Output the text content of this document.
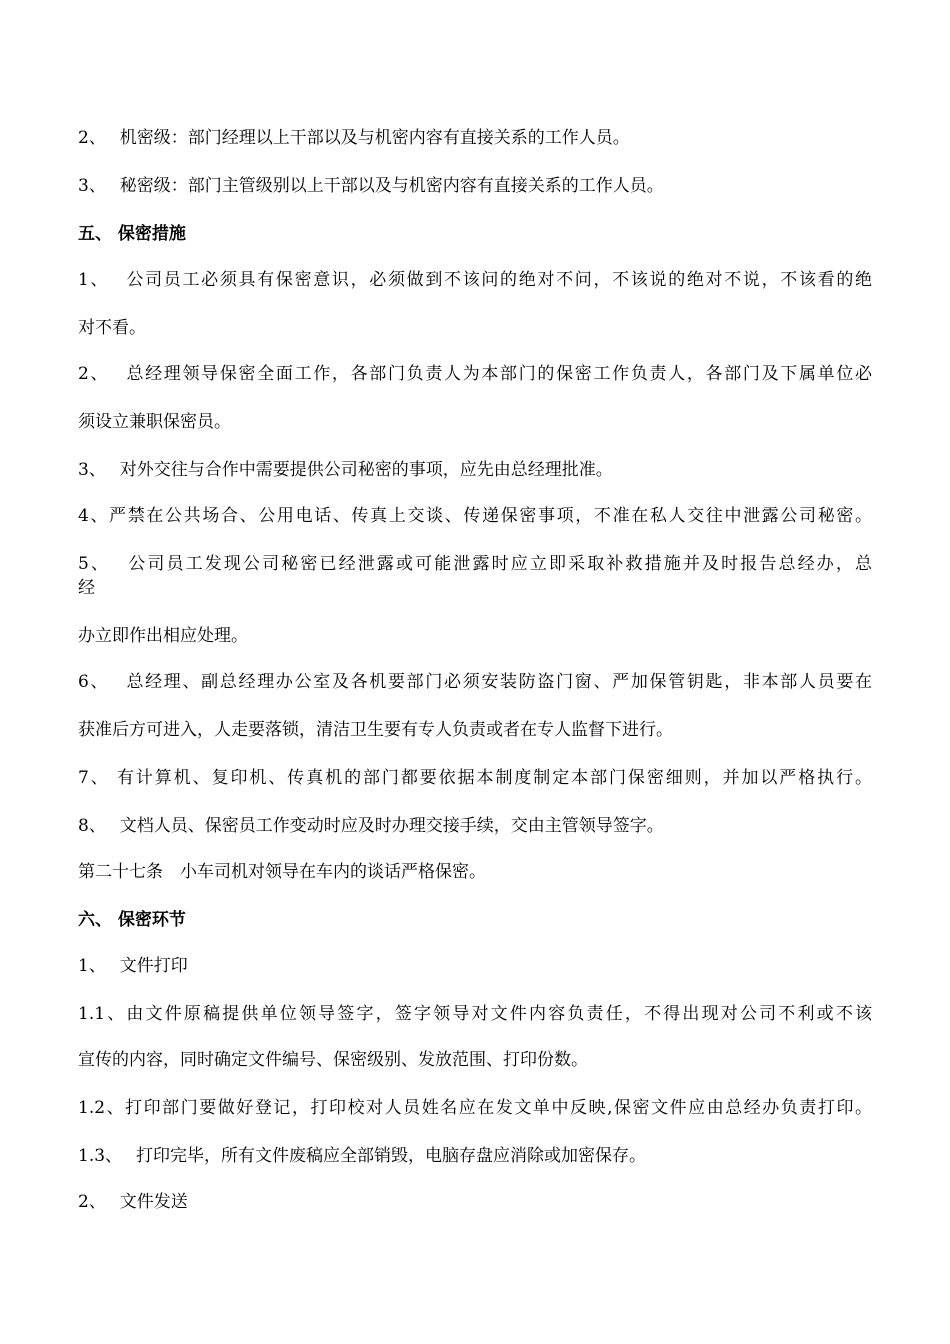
2、　 机密级：部门经理以上干部以及与机密内容有直接关系的工作人员。

3、　 秘密级：部门主管级别以上干部以及与机密内容有直接关系的工作人员。

五、 保密措施

1、　 公司员工必须具有保密意识，必须做到不该问的绝对不问，不该说的绝对不说，不该看的绝

对不看。

2、　 总经理领导保密全面工作，各部门负责人为本部门的保密工作负责人，各部门及下属单位必

须设立兼职保密员。

3、　 对外交往与合作中需要提供公司秘密的事项，应先由总经理批准。

4、严禁在公共场合、公用电话、传真上交谈、传递保密事项，不准在私人交往中泄露公司秘密。

5、　 公司员工发现公司秘密已经泄露或可能泄露时应立即采取补救措施并及时报告总经办，总

经

办立即作出相应处理。

6、　 总经理、副总经理办公室及各机要部门必须安装防盗门窗、严加保管钥匙，非本部人员要在

获准后方可进入，人走要落锁，清洁卫生要有专人负责或者在专人监督下进行。

7、 有计算机、复印机、传真机的部门都要依据本制度制定本部门保密细则，并加以严格执行。

8、　 文档人员、保密员工作变动时应及时办理交接手续，交由主管领导签字。

第二十七条　小车司机对领导在车内的谈话严格保密。

六、 保密环节

1、　 文件打印

1.1、由文件原稿提供单位领导签字，签字领导对文件内容负责任，不得出现对公司不利或不该

宣传的内容，同时确定文件编号、保密级别、发放范围、打印份数。

1.2、打印部门要做好登记，打印校对人员姓名应在发文单中反映,保密文件应由总经办负责打印。

1.3、　 打印完毕，所有文件废稿应全部销毁，电脑存盘应消除或加密保存。

2、　 文件发送
